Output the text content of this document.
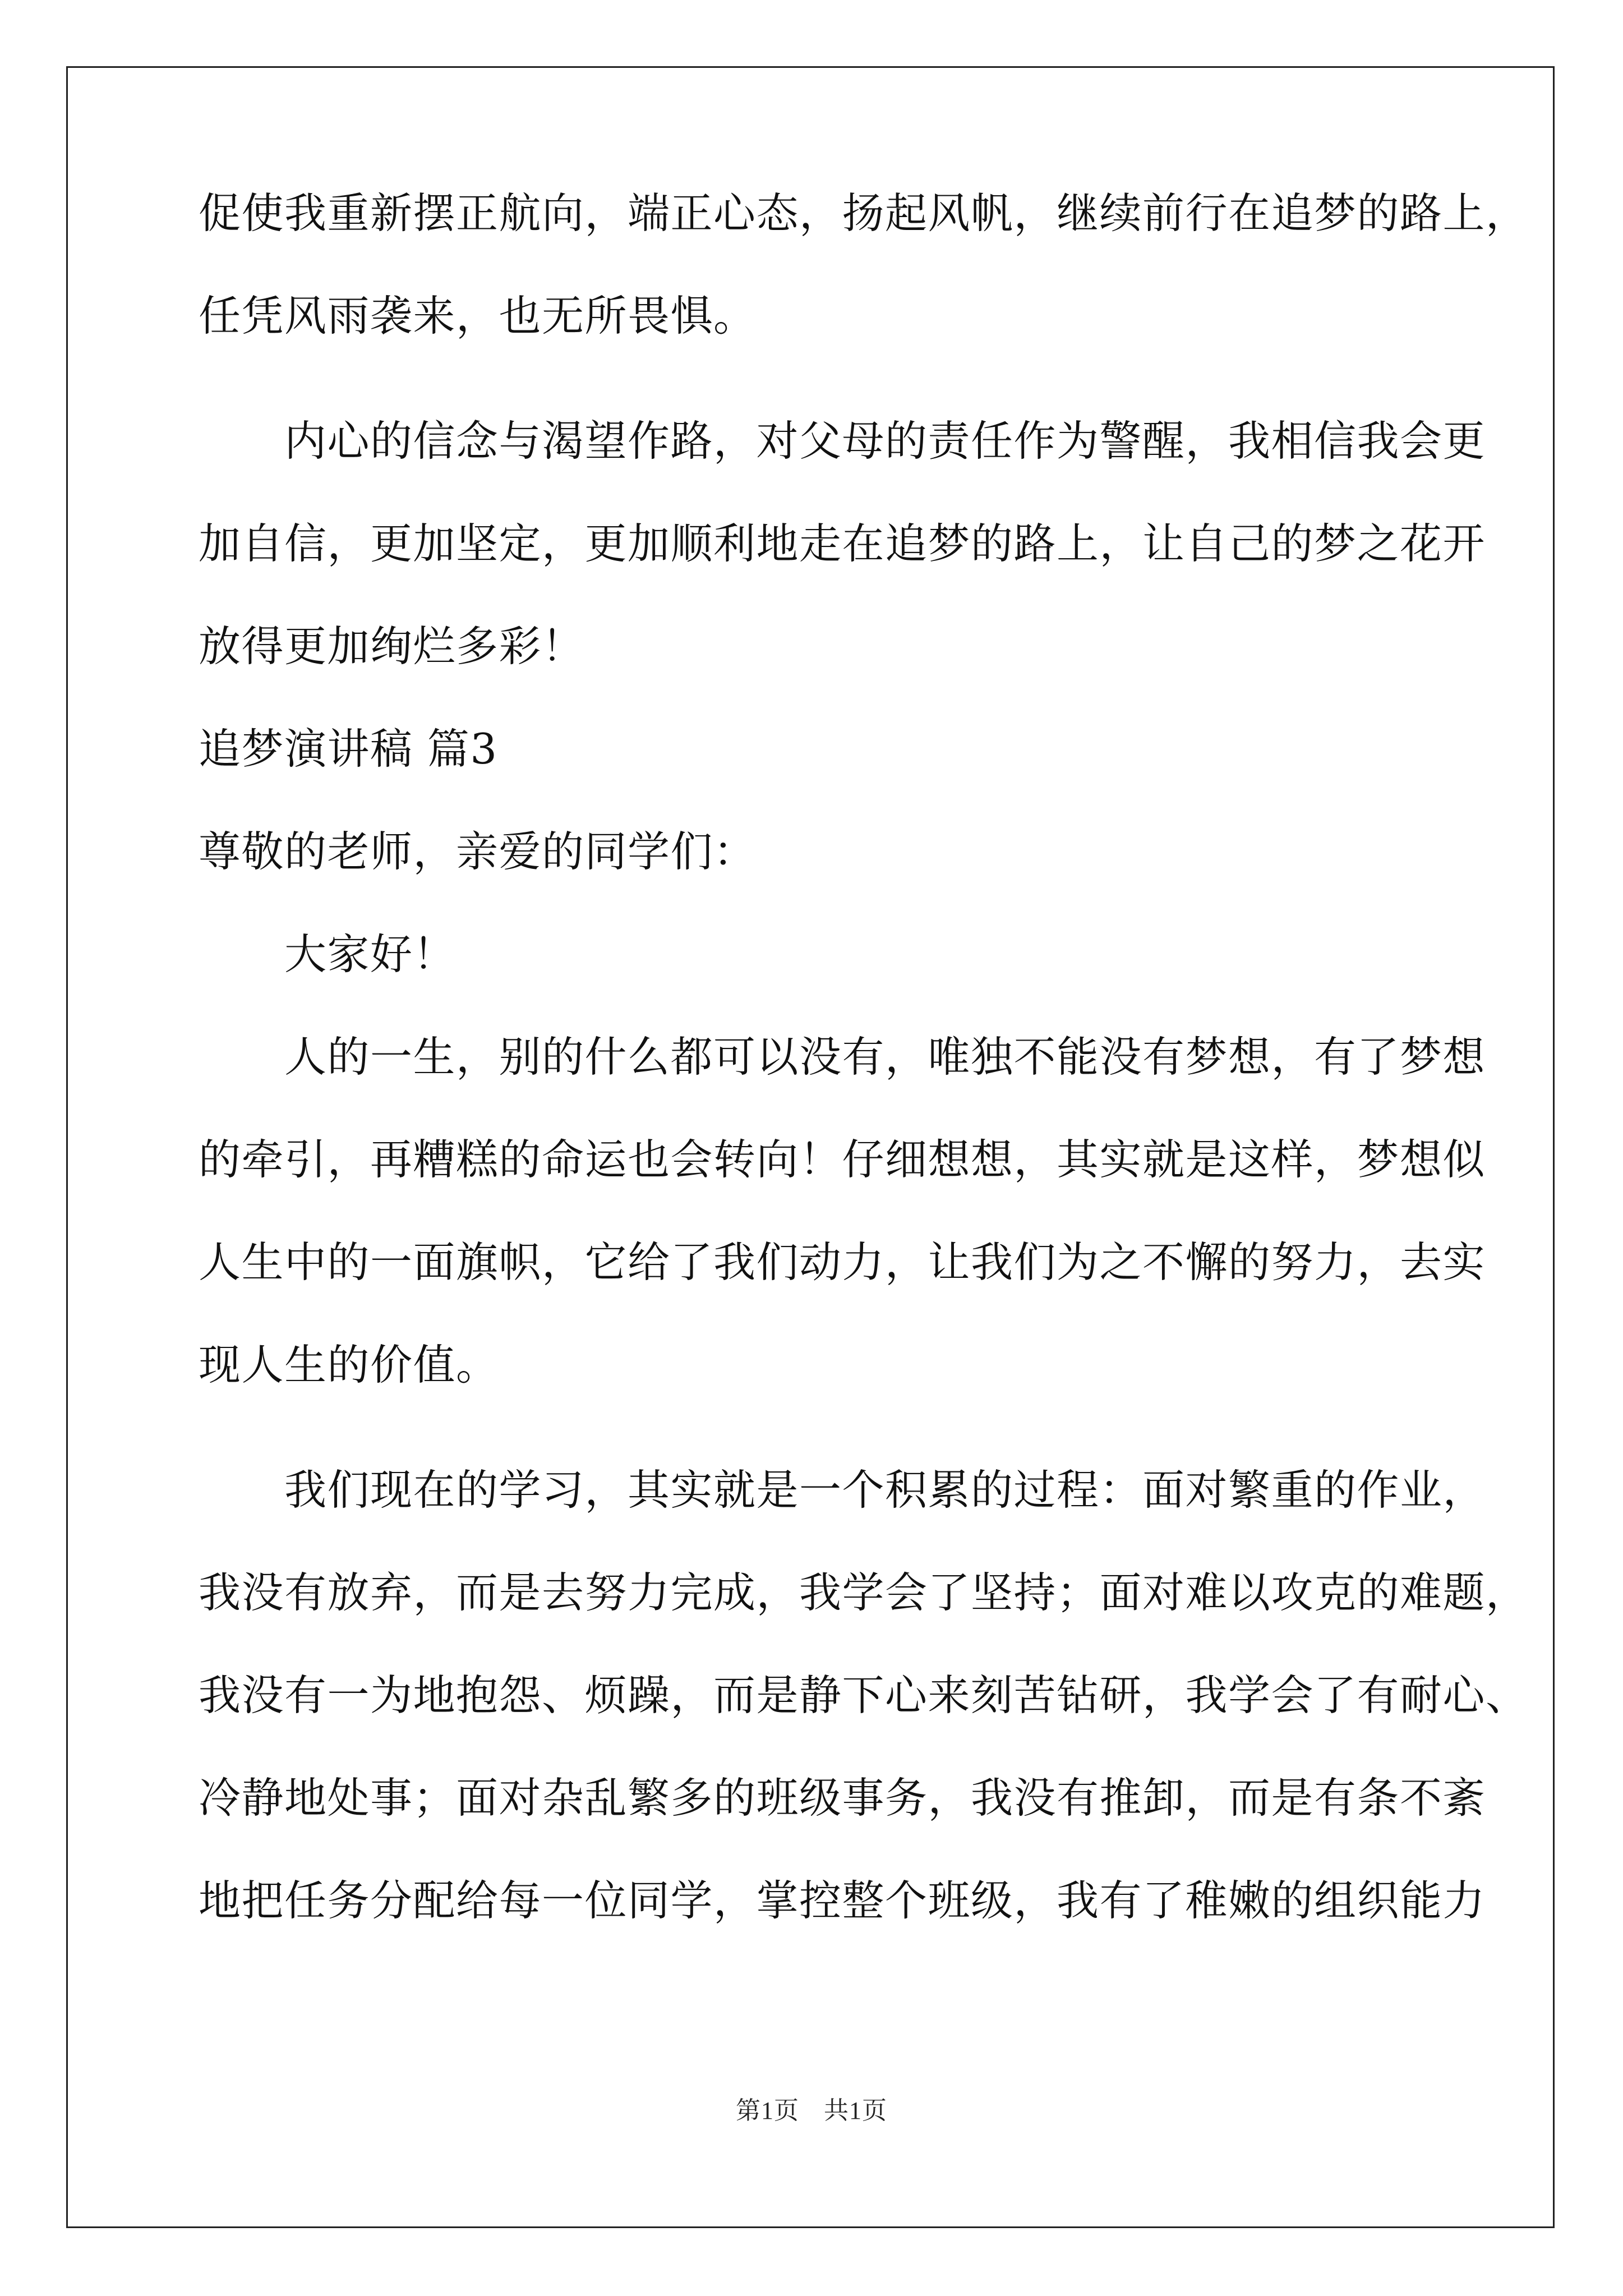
促使我重新摆正航向，端正心态，扬起风帆，继续前行在追梦的路上，
任凭风雨袭来，也无所畏惧。
　　内心的信念与渴望作路，对父母的责任作为警醒，我相信我会更
加自信，更加坚定，更加顺利地走在追梦的路上，让自己的梦之花开
放得更加绚烂多彩！
追梦演讲稿 篇3
尊敬的老师，亲爱的同学们：
　　大家好！
　　人的一生，别的什么都可以没有，唯独不能没有梦想，有了梦想
的牵引，再糟糕的命运也会转向！仔细想想，其实就是这样，梦想似
人生中的一面旗帜，它给了我们动力，让我们为之不懈的努力，去实
现人生的价值。
　　我们现在的学习，其实就是一个积累的过程：面对繁重的作业，
我没有放弃，而是去努力完成，我学会了坚持；面对难以攻克的难题，
我没有一为地抱怨、烦躁，而是静下心来刻苦钻研，我学会了有耐心、
冷静地处事；面对杂乱繁多的班级事务，我没有推卸，而是有条不紊
地把任务分配给每一位同学，掌控整个班级，我有了稚嫩的组织能力
第1页 共1页
